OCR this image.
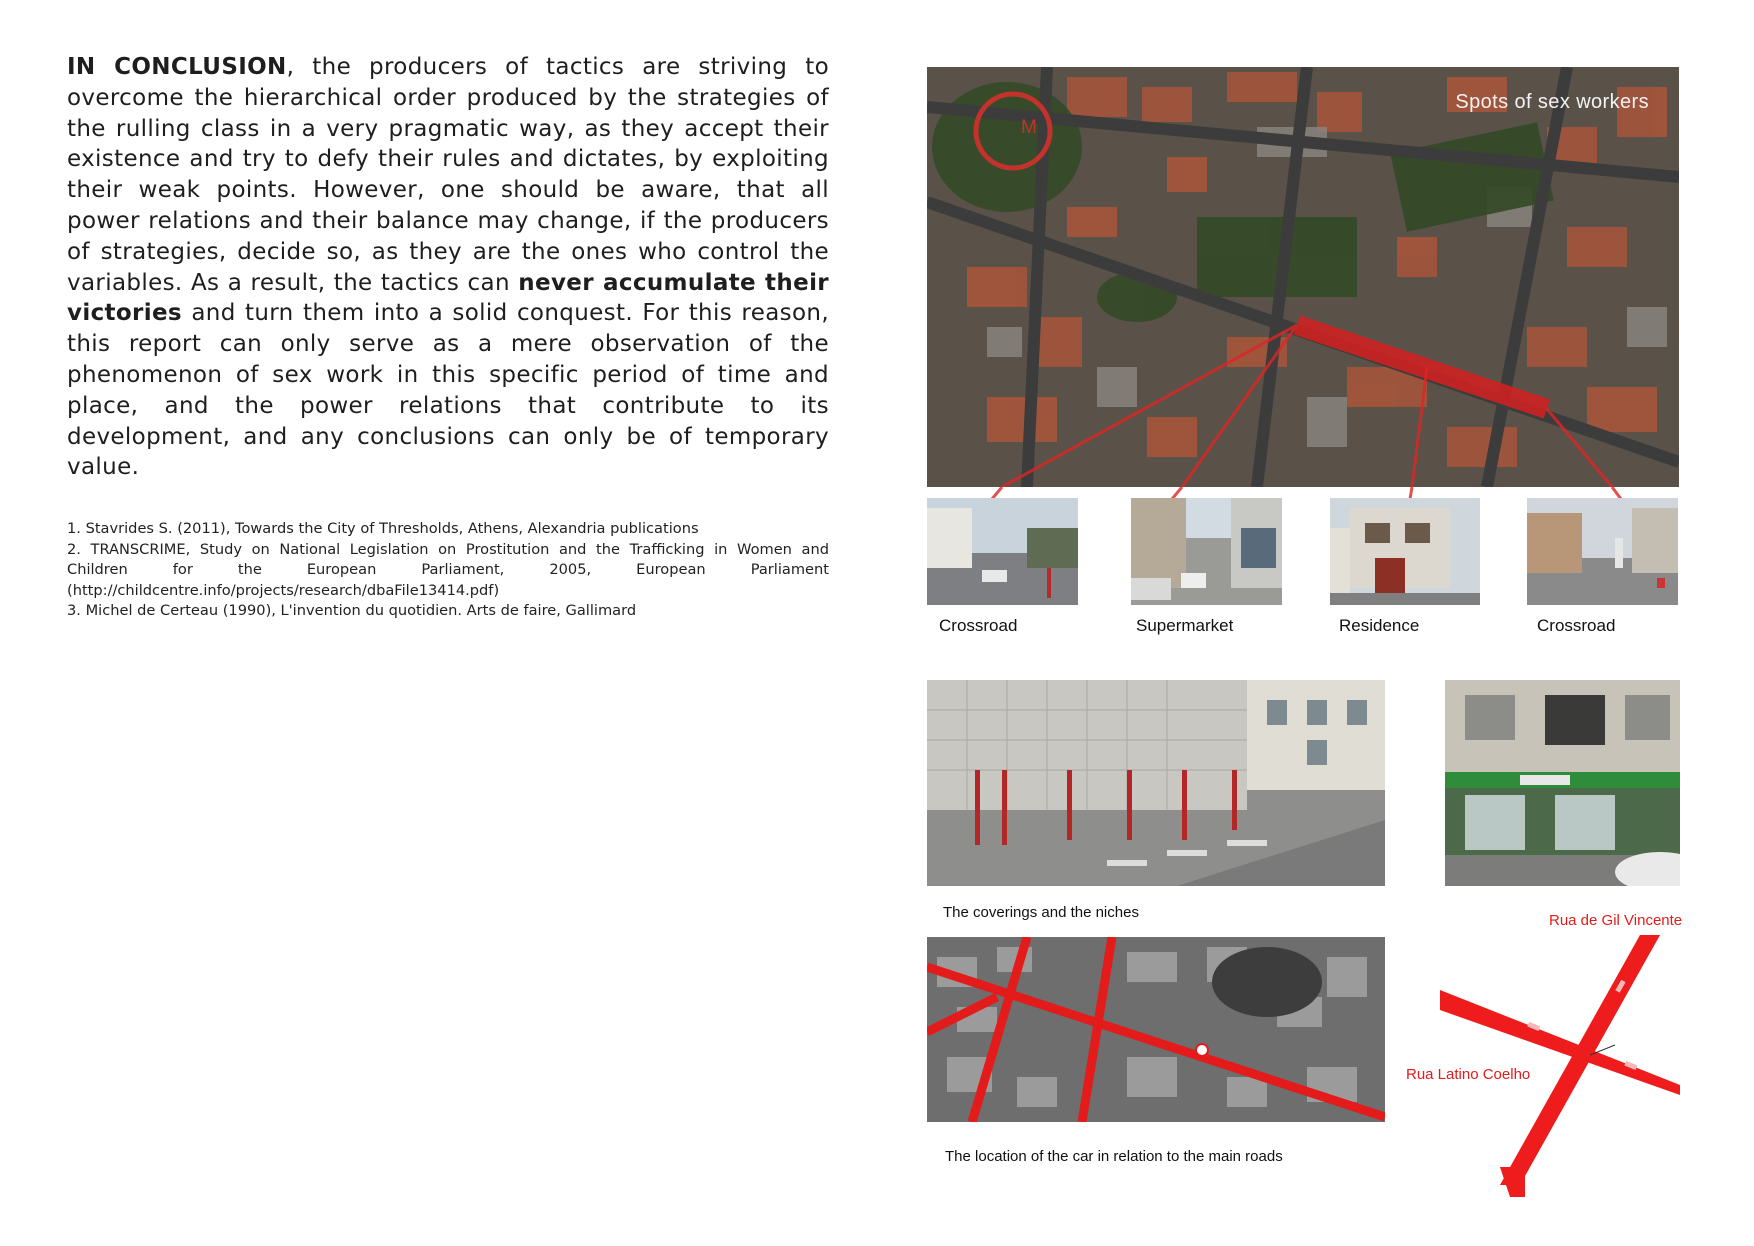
IN CONCLUSION, the producers of tactics are striving to overcome the hierarchical order produced by the strategies of the rulling class in a very pragmatic way, as they accept their existence and try to defy their rules and dictates, by exploiting their weak points. However, one should be aware, that all power relations and their balance may change, if the producers of strategies, decide so, as they are the ones who control the variables. As a result, the tactics can never accumulate their victories and turn them into a solid conquest. For this reason, this report can only serve as a mere observation of the phenomenon of sex work in this specific period of time and place, and the power relations that contribute to its development, and any conclusions can only be of temporary value.

1. Stavrides S. (2011), Towards the City of Thresholds, Athens, Alexandria publications

2. TRANSCRIME, Study on National Legislation on Prostitution and the Trafficking in Women and Children for the European Parliament, 2005, European Parliament (http://childcentre.info/projects/research/dbaFile13414.pdf)

3. Michel de Certeau (1990), L'invention du quotidien. Arts de faire, Gallimard

M
Spots of sex workers
Crossroad	Supermarket	Residence	Crossroad
The coverings and the niches
The location of the car in relation to the main roads
Rua de Gil Vincente
Rua Latino Coelho
